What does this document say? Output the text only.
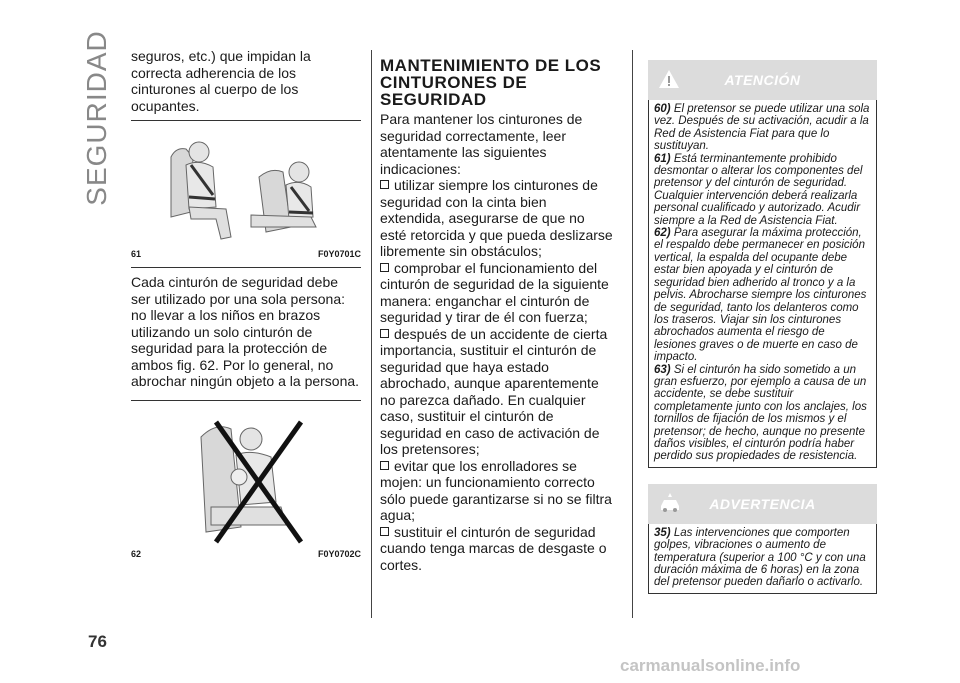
SEGURIDAD
76

seguros, etc.) que impidan la correcta adherencia de los cinturones al cuerpo de los ocupantes.

61	F0Y0701C

Cada cinturón de seguridad debe ser utilizado por una sola persona: no llevar a los niños en brazos utilizando un solo cinturón de seguridad para la protección de ambos fig. 62. Por lo general, no abrochar ningún objeto a la persona.

62	F0Y0702C
MANTENIMIENTO DE LOS CINTURONES DE SEGURIDAD

Para mantener los cinturones de seguridad correctamente, leer atentamente las siguientes indicaciones:

utilizar siempre los cinturones de seguridad con la cinta bien extendida, asegurarse de que no esté retorcida y que pueda deslizarse libremente sin obstáculos;

comprobar el funcionamiento del cinturón de seguridad de la siguiente manera: enganchar el cinturón de seguridad y tirar de él con fuerza;

después de un accidente de cierta importancia, sustituir el cinturón de seguridad que haya estado abrochado, aunque aparentemente no parezca dañado. En cualquier caso, sustituir el cinturón de seguridad en caso de activación de los pretensores;

evitar que los enrolladores se mojen: un funcionamiento correcto sólo puede garantizarse si no se filtra agua;

sustituir el cinturón de seguridad cuando tenga marcas de desgaste o cortes.

ATENCIÓN

60) El pretensor se puede utilizar una sola vez. Después de su activación, acudir a la Red de Asistencia Fiat para que lo sustituyan.

61) Está terminantemente prohibido desmontar o alterar los componentes del pretensor y del cinturón de seguridad. Cualquier intervención deberá realizarla personal cualificado y autorizado. Acudir siempre a la Red de Asistencia Fiat.

62) Para asegurar la máxima protección, el respaldo debe permanecer en posición vertical, la espalda del ocupante debe estar bien apoyada y el cinturón de seguridad bien adherido al tronco y a la pelvis. Abrocharse siempre los cinturones de seguridad, tanto los delanteros como los traseros. Viajar sin los cinturones abrochados aumenta el riesgo de lesiones graves o de muerte en caso de impacto.

63) Si el cinturón ha sido sometido a un gran esfuerzo, por ejemplo a causa de un accidente, se debe sustituir completamente junto con los anclajes, los tornillos de fijación de los mismos y el pretensor; de hecho, aunque no presente daños visibles, el cinturón podría haber perdido sus propiedades de resistencia.

ADVERTENCIA

35) Las intervenciones que comporten golpes, vibraciones o aumento de temperatura (superior a 100 °C y con una duración máxima de 6 horas) en la zona del pretensor pueden dañarlo o activarlo.

carmanualsonline.info
